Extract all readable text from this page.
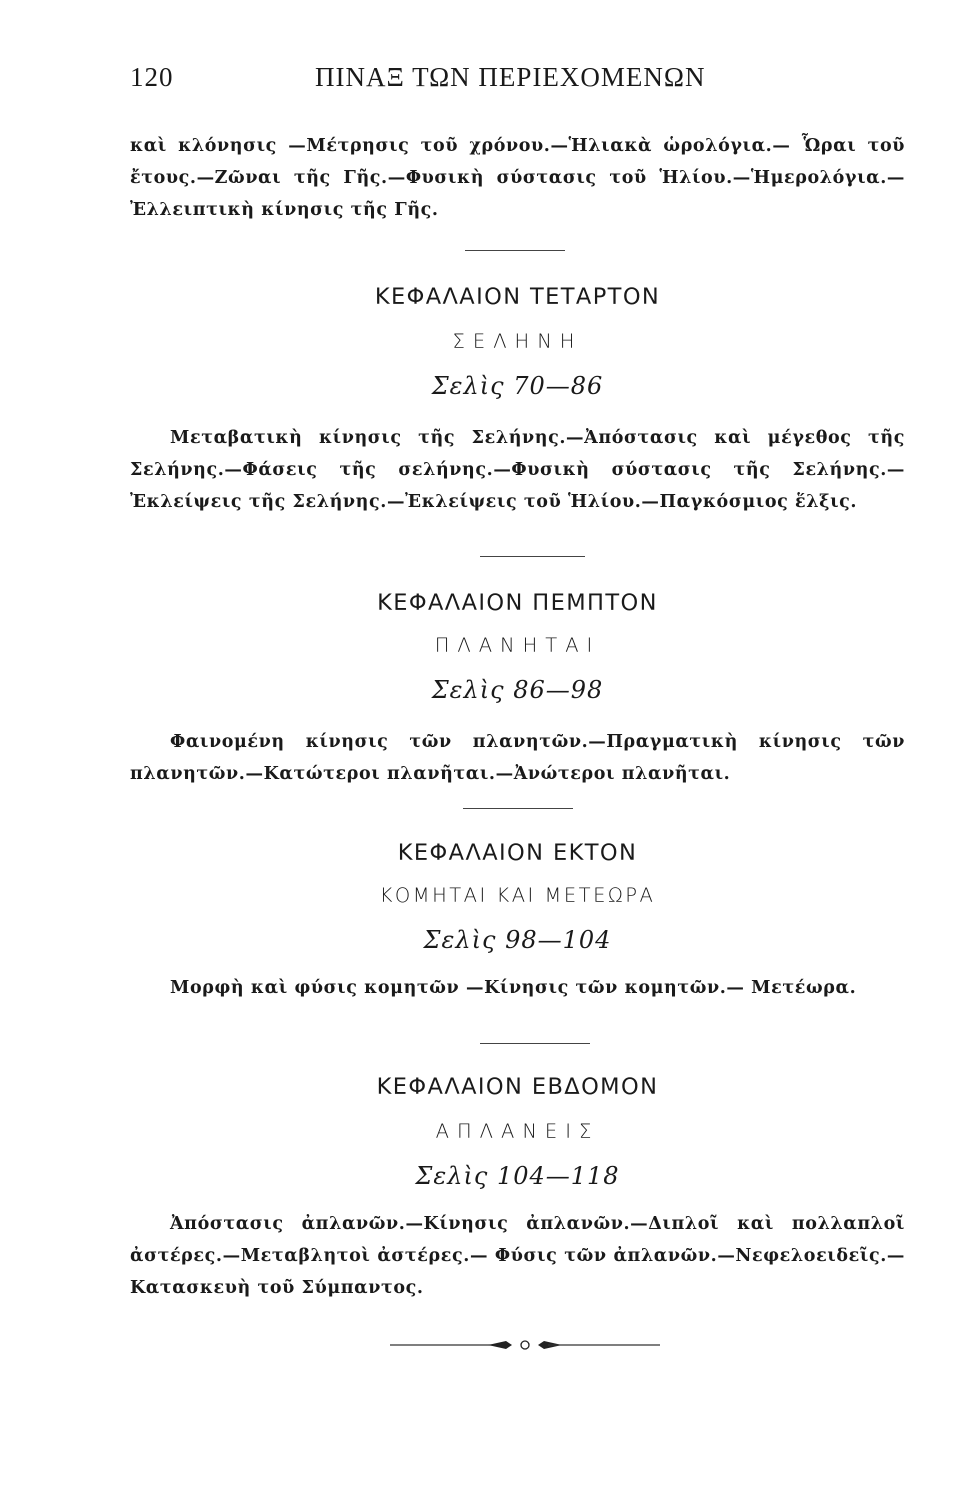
120	ΠΙΝΑΞ ΤΩΝ ΠΕΡΙΕΧΟΜΕΝΩΝ
καὶ κλόνησις —Μέτρησις τοῦ χρόνου.—Ἡλιακὰ ὡρολόγια.— Ὧραι τοῦ ἔτους.—Ζῶναι τῆς Γῆς.—Φυσικὴ σύστασις τοῦ Ἡλίου.—Ἡμερολόγια.—Ἐλλειπτικὴ κίνησις τῆς Γῆς.
ΚΕΦΑΛΑΙΟΝ ΤΕΤΑΡΤΟΝ
ΣΕΛΗΝΗ
Σελὶς 70—86
Μεταβατικὴ κίνησις τῆς Σελήνης.—Ἀπόστασις καὶ μέγεθος τῆς Σελήνης.—Φάσεις τῆς σελήνης.—Φυσικὴ σύστασις τῆς Σελήνης.—Ἐκλείψεις τῆς Σελήνης.—Ἐκλείψεις τοῦ Ἡλίου.—Παγκόσμιος ἕλξις.
ΚΕΦΑΛΑΙΟΝ ΠΕΜΠΤΟΝ
ΠΛΑΝΗΤΑΙ
Σελὶς 86—98
Φαινομένη κίνησις τῶν πλανητῶν.—Πραγματικὴ κίνησις τῶν πλανητῶν.—Κατώτεροι πλανῆται.—Ἀνώτεροι πλανῆται.
ΚΕΦΑΛΑΙΟΝ ΕΚΤΟΝ
ΚΟΜΗΤΑΙ ΚΑΙ ΜΕΤΕΩΡΑ
Σελὶς 98—104
Μορφὴ καὶ φύσις κομητῶν —Κίνησις τῶν κομητῶν.— Μετέωρα.
ΚΕΦΑΛΑΙΟΝ ΕΒΔΟΜΟΝ
ΑΠΛΑΝΕΙΣ
Σελὶς 104—118
Ἀπόστασις ἀπλανῶν.—Κίνησις ἀπλανῶν.—Διπλοῖ καὶ πολλαπλοῖ ἀστέρες.—Μεταβλητοὶ ἀστέρες.— Φύσις τῶν ἀπλανῶν.—Νεφελοειδεῖς.—Κατασκευὴ τοῦ Σύμπαντος.
